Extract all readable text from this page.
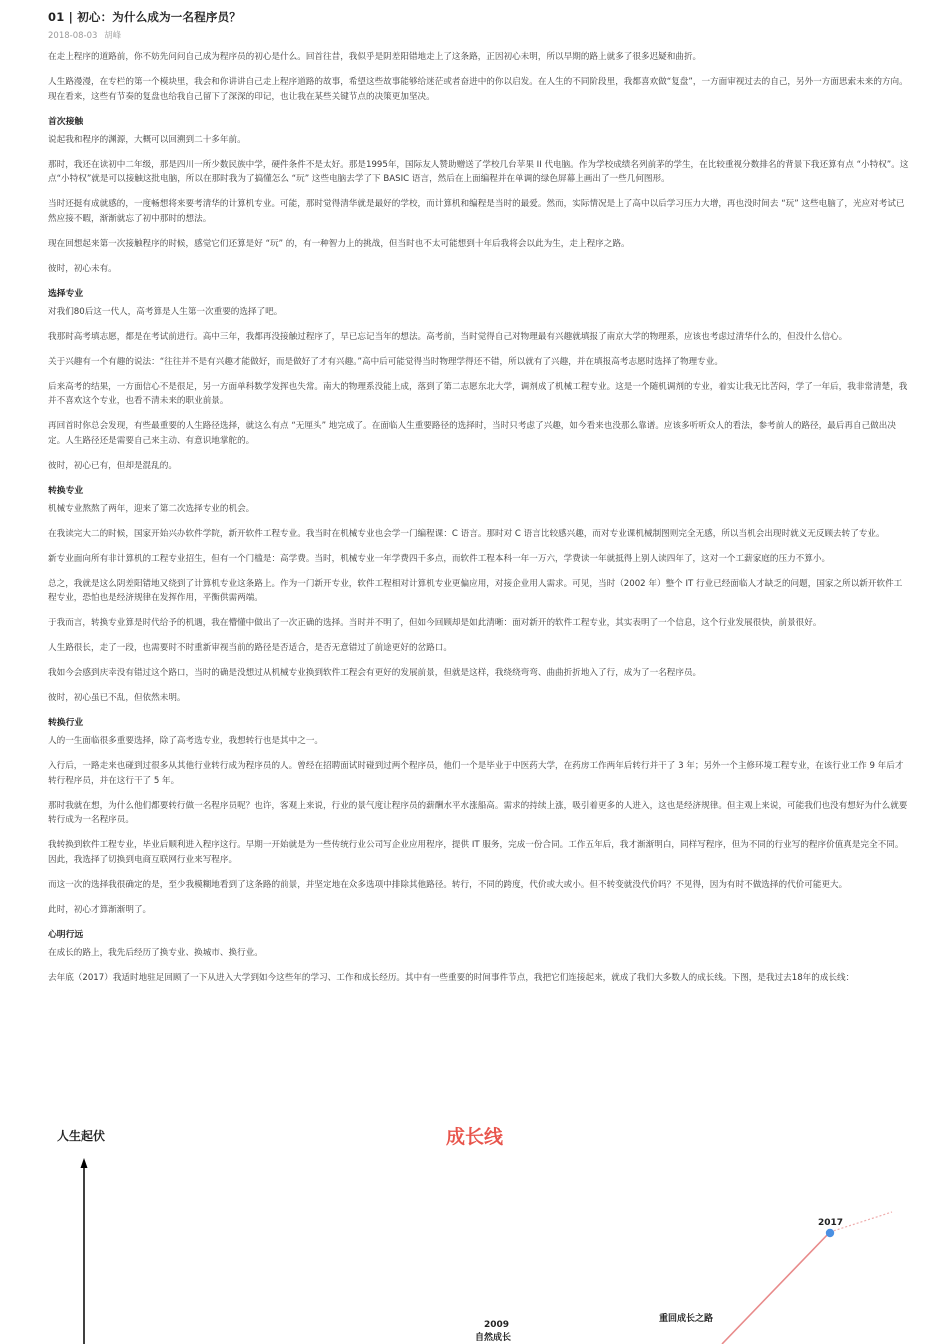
01 | 初心：为什么成为一名程序员？
2018-08-03 胡峰

在走上程序的道路前，你不妨先问问自己成为程序员的初心是什么。回首往昔，我似乎是阴差阳错地走上了这条路，正因初心未明，所以早期的路上就多了很多迟疑和曲折。

人生路漫漫，在专栏的第一个模块里，我会和你讲讲自己走上程序道路的故事，希望这些故事能够给迷茫或者奋进中的你以启发。在人生的不同阶段里，我都喜欢做“复盘”，一方面审视过去的自己，另外一方面思索未来的方向。现在看来，这些有节奏的复盘也给我自己留下了深深的印记，也让我在某些关键节点的决策更加坚决。

首次接触

说起我和程序的渊源，大概可以回溯到二十多年前。

那时，我还在读初中二年级，那是四川一所少数民族中学，硬件条件不是太好。那是1995年，国际友人赞助赠送了学校几台苹果 II 代电脑。作为学校成绩名列前茅的学生，在比较重视分数排名的背景下我还算有点 “小特权”。这点“小特权”就是可以接触这批电脑，所以在那时我为了搞懂怎么 “玩” 这些电脑去学了下 BASIC 语言，然后在上面编程并在单调的绿色屏幕上画出了一些几何图形。

当时还挺有成就感的，一度畅想将来要考清华的计算机专业。可能，那时觉得清华就是最好的学校，而计算机和编程是当时的最爱。然而，实际情况是上了高中以后学习压力大增，再也没时间去 “玩” 这些电脑了，光应对考试已然应接不暇，渐渐就忘了初中那时的想法。

现在回想起来第一次接触程序的时候，感觉它们还算是好 “玩” 的，有一种智力上的挑战，但当时也不太可能想到十年后我将会以此为生，走上程序之路。

彼时，初心未有。

选择专业

对我们80后这一代人，高考算是人生第一次重要的选择了吧。

我那时高考填志愿，都是在考试前进行。高中三年，我都再没接触过程序了，早已忘记当年的想法。高考前，当时觉得自己对物理最有兴趣就填报了南京大学的物理系，应该也考虑过清华什么的，但没什么信心。

关于兴趣有一个有趣的说法：“往往并不是有兴趣才能做好，而是做好了才有兴趣。”高中后可能觉得当时物理学得还不错，所以就有了兴趣，并在填报高考志愿时选择了物理专业。

后来高考的结果，一方面信心不是很足，另一方面单科数学发挥也失常。南大的物理系没能上成，落到了第二志愿东北大学，调剂成了机械工程专业。这是一个随机调剂的专业，着实让我无比苦闷，学了一年后，我非常清楚，我并不喜欢这个专业，也看不清未来的职业前景。

再回首时你总会发现，有些最重要的人生路径选择，就这么有点 “无厘头” 地完成了。在面临人生重要路径的选择时，当时只考虑了兴趣，如今看来也没那么靠谱。应该多听听众人的看法，参考前人的路径，最后再自己做出决定。人生路径还是需要自己来主动、有意识地掌舵的。

彼时，初心已有，但却是混乱的。

转换专业

机械专业熬熬了两年，迎来了第二次选择专业的机会。

在我读完大二的时候，国家开始兴办软件学院，新开软件工程专业。我当时在机械专业也会学一门编程课：C 语言。那时对 C 语言比较感兴趣，而对专业课机械制图则完全无感，所以当机会出现时就义无反顾去转了专业。

新专业面向所有非计算机的工程专业招生，但有一个门槛是：高学费。当时，机械专业一年学费四千多点，而软件工程本科一年一万六，学费读一年就抵得上别人读四年了，这对一个工薪家庭的压力不算小。

总之，我就是这么阴差阳错地又绕到了计算机专业这条路上。作为一门新开专业，软件工程相对计算机专业更偏应用，对接企业用人需求。可见，当时（2002 年）整个 IT 行业已经面临人才缺乏的问题，国家之所以新开软件工程专业，恐怕也是经济规律在发挥作用，平衡供需两端。

于我而言，转换专业算是时代给予的机遇，我在懵懂中做出了一次正确的选择。当时并不明了，但如今回顾却是如此清晰：面对新开的软件工程专业，其实表明了一个信息，这个行业发展很快，前景很好。

人生路很长，走了一段，也需要时不时重新审视当前的路径是否适合，是否无意错过了前途更好的岔路口。

我如今会感到庆幸没有错过这个路口，当时的确是没想过从机械专业换到软件工程会有更好的发展前景，但就是这样，我绕绕弯弯、曲曲折折地入了行，成为了一名程序员。

彼时，初心虽已不乱，但依然未明。

转换行业

人的一生面临很多重要选择，除了高考选专业，我想转行也是其中之一。

入行后，一路走来也碰到过很多从其他行业转行成为程序员的人。曾经在招聘面试时碰到过两个程序员，他们一个是毕业于中医药大学，在药房工作两年后转行并干了 3 年；另外一个主修环境工程专业，在该行业工作 9 年后才转行程序员，并在这行干了 5 年。

那时我就在想，为什么他们都要转行做一名程序员呢？也许，客观上来说，行业的景气度让程序员的薪酬水平水涨船高。需求的持续上涨，吸引着更多的人进入，这也是经济规律。但主观上来说，可能我们也没有想好为什么就要转行成为一名程序员。

我转换到软件工程专业，毕业后顺利进入程序这行。早期一开始就是为一些传统行业公司写企业应用程序，提供 IT 服务，完成一份合同。工作五年后，我才渐渐明白，同样写程序，但为不同的行业写的程序价值真是完全不同。因此，我选择了切换到电商互联网行业来写程序。

而这一次的选择我很确定的是，至少我模糊地看到了这条路的前景，并坚定地在众多选项中排除其他路径。转行，不同的跨度，代价或大或小。但不转变就没代价吗？不见得，因为有时不做选择的代价可能更大。

此时，初心才算渐渐明了。

心明行远

在成长的路上，我先后经历了换专业、换城市、换行业。

去年底（2017）我适时地驻足回顾了一下从进入大学到如今这些年的学习、工作和成长经历。其中有一些重要的时间事件节点，我把它们连接起来，就成了我们大多数人的成长线。下图，是我过去18年的成长线：

人生起伏	成长线
2017
2009
自然成长
重回成长之路
